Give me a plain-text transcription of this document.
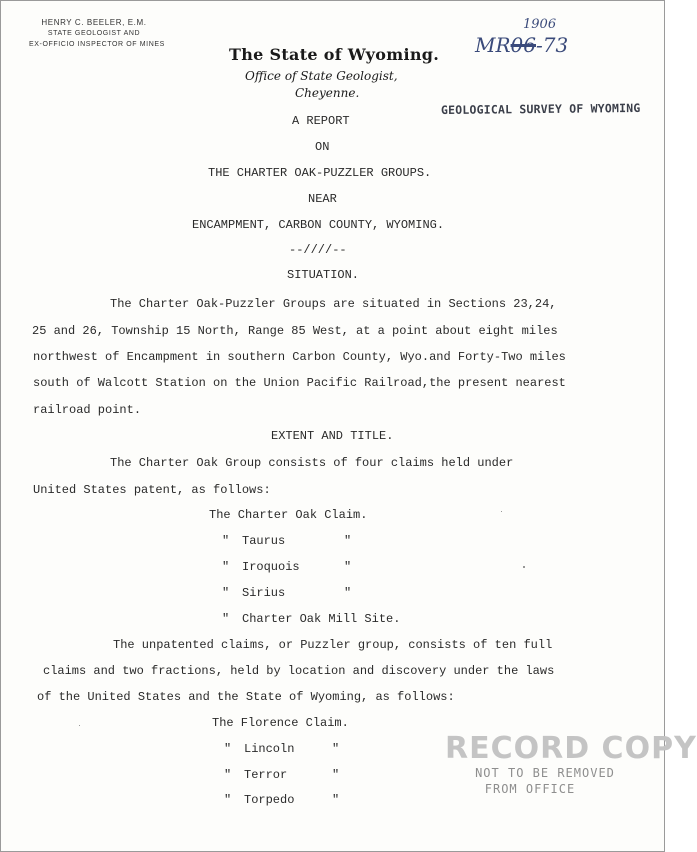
HENRY C. BEELER, E.M.
STATE GEOLOGIST AND
EX-OFFICIO INSPECTOR OF MINES
The State of Wyoming.
Office of State Geologist,
Cheyenne.
1906
MR06-73
GEOLOGICAL SURVEY OF WYOMING
A REPORT
ON
THE CHARTER OAK-PUZZLER GROUPS.
NEAR
ENCAMPMENT, CARBON COUNTY, WYOMING.
--////--
SITUATION.
The Charter Oak-Puzzler Groups are situated in Sections 23,24,
25 and 26, Township 15 North, Range 85 West, at a point about eight miles
northwest of Encampment in southern Carbon County, Wyo.and Forty-Two miles
south of Walcott Station on the Union Pacific Railroad,the present nearest
railroad point.
EXTENT AND TITLE.
The Charter Oak Group consists of four claims held under
United States patent, as follows:
The Charter Oak Claim.
" Taurus	"
" Iroquois	"
" Sirius	"
" Charter Oak Mill Site.
The unpatented claims, or Puzzler group, consists of ten full
claims and two fractions, held by location and discovery under the laws
of the United States and the State of Wyoming, as follows:
The Florence Claim.
" Lincoln	"
" Terror	"
" Torpedo	"
RECORD COPY
NOT TO BE REMOVED
FROM OFFICE
